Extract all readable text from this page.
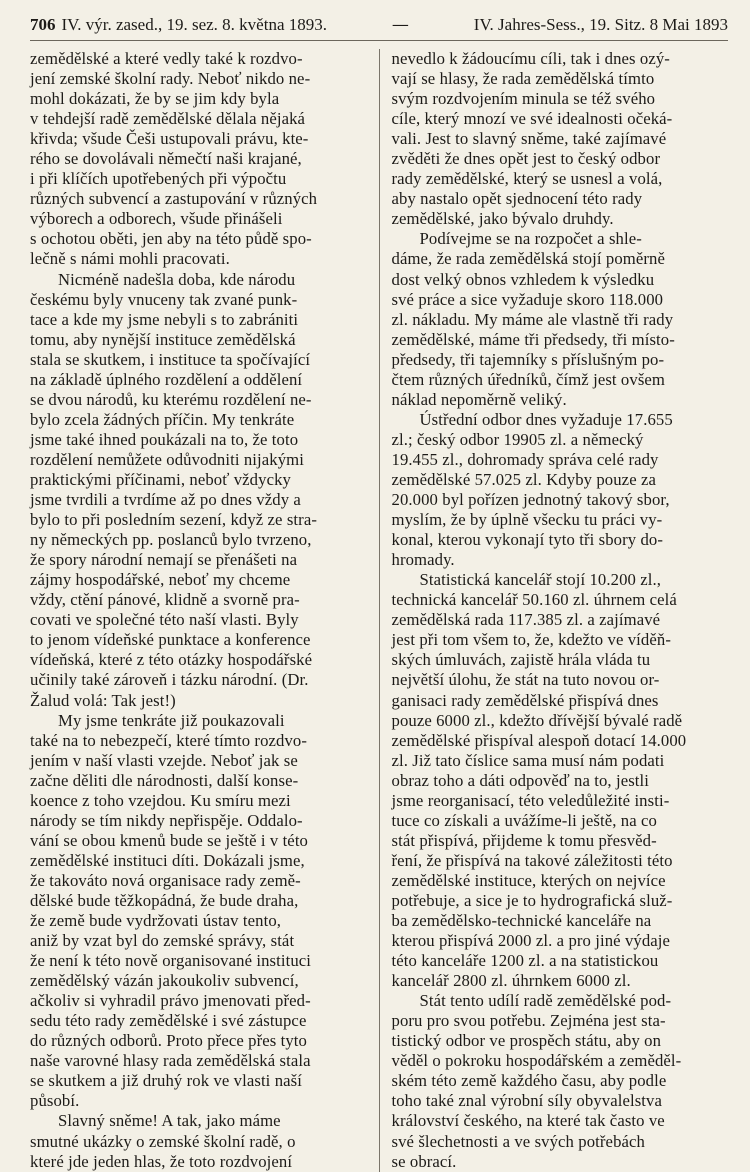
706 IV. výr. zased., 19. sez. 8. května 1893.	—	IV. Jahres-Sess., 19. Sitz. 8 Mai 1893
zemědělské a které vedly také k rozdvo-
jení zemské školní rady. Neboť nikdo ne-
mohl dokázati, že by se jim kdy byla
v tehdejší radě zemědělské dělala nějaká
křivda; všude Češi ustupovali právu, kte-
rého se dovolávali němečtí naši krajané,
i při klíčích upotřebených při výpočtu
různých subvencí a zastupování v různých
výborech a odborech, všude přinášeli
s ochotou oběti, jen aby na této půdě spo-
lečně s námi mohli pracovati.
Nicméně nadešla doba, kde národu
českému byly vnuceny tak zvané punk-
tace a kde my jsme nebyli s to zabrániti
tomu, aby nynější instituce zemědělská
stala se skutkem, i instituce ta spočívající
na základě úplného rozdělení a oddělení
se dvou národů, ku kterému rozdělení ne-
bylo zcela žádných příčin. My tenkráte
jsme také ihned poukázali na to, že toto
rozdělení nemůžete odůvodniti nijakými
praktickými příčinami, neboť vždycky
jsme tvrdili a tvrdíme až po dnes vždy a
bylo to při posledním sezení, když ze stra-
ny německých pp. poslanců bylo tvrzeno,
že spory národní nemají se přenášeti na
zájmy hospodářské, neboť my chceme
vždy, ctění pánové, klidně a svorně pra-
covati ve společné této naší vlasti. Byly
to jenom vídeňské punktace a konference
vídeňská, které z této otázky hospodářské
učinily také zároveň i tázku národní. (Dr.
Žalud volá: Tak jest!)
My jsme tenkráte již poukazovali
také na to nebezpečí, které tímto rozdvo-
jením v naší vlasti vzejde. Neboť jak se
začne děliti dle národnosti, další konse-
koence z toho vzejdou. Ku smíru mezi
národy se tím nikdy nepřispěje. Oddalo-
vání se obou kmenů bude se ještě i v této
zemědělské instituci díti. Dokázali jsme,
že takováto nová organisace rady země-
dělské bude těžkopádná, že bude draha,
že země bude vydržovati ústav tento,
aniž by vzat byl do zemské správy, stát
že není k této nově organisované instituci
zemědělský vázán jakoukoliv subvencí,
ačkoliv si vyhradil právo jmenovati před-
sedu této rady zemědělské i své zástupce
do různých odborů. Proto přece přes tyto
naše varovné hlasy rada zemědělská stala
se skutkem a již druhý rok ve vlasti naší
působí.
Slavný sněme! A tak, jako máme
smutné ukázky o zemské školní radě, o
které jde jeden hlas, že toto rozdvojení
nevedlo k žádoucímu cíli, tak i dnes ozý-
vají se hlasy, že rada zemědělská tímto
svým rozdvojením minula se též svého
cíle, který mnozí ve své idealnosti očeká-
vali. Jest to slavný sněme, také zajímavé
zvěděti že dnes opět jest to český odbor
rady zemědělské, který se usnesl a volá,
aby nastalo opět sjednocení této rady
zemědělské, jako bývalo druhdy.
Podívejme se na rozpočet a shle-
dáme, že rada zemědělská stojí poměrně
dost velký obnos vzhledem k výsledku
své práce a sice vyžaduje skoro 118.000
zl. nákladu. My máme ale vlastně tři rady
zemědělské, máme tři předsedy, tři místo-
předsedy, tři tajemníky s příslušným po-
čtem různých úředníků, čímž jest ovšem
náklad nepoměrně veliký.
Ústřední odbor dnes vyžaduje 17.655
zl.; český odbor 19905 zl. a německý
19.455 zl., dohromady správa celé rady
zemědělské 57.025 zl. Kdyby pouze za
20.000 byl pořízen jednotný takový sbor,
myslím, že by úplně všecku tu práci vy-
konal, kterou vykonají tyto tři sbory do-
hromady.
Statistická kancelář stojí 10.200 zl.,
technická kancelář 50.160 zl. úhrnem celá
zemědělská rada 117.385 zl. a zajímavé
jest při tom všem to, že, kdežto ve víděň-
ských úmluvách, zajistě hrála vláda tu
největší úlohu, že stát na tuto novou or-
ganisaci rady zemědělské přispívá dnes
pouze 6000 zl., kdežto dřívější bývalé radě
zemědělské přispíval alespoň dotací 14.000
zl. Již tato číslice sama musí nám podati
obraz toho a dáti odpověď na to, jestli
jsme reorganisací, této veledůležité insti-
tuce co získali a uvážíme-li ještě, na co
stát přispívá, přijdeme k tomu přesvěd-
ření, že přispívá na takové záležitosti této
zemědělské instituce, kterých on nejvíce
potřebuje, a sice je to hydrografická služ-
ba zemědělsko-technické kanceláře na
kterou přispívá 2000 zl. a pro jiné výdaje
této kanceláře 1200 zl. a na statistickou
kancelář 2800 zl. úhrnkem 6000 zl.
Stát tento udílí radě zemědělské pod-
poru pro svou potřebu. Zejména jest sta-
tistický odbor ve prospěch státu, aby on
věděl o pokroku hospodářském a zeměděl-
ském této země každého času, aby podle
toho také znal výrobní síly obyvalelstva
království českého, na které tak často ve
své šlechetnosti a ve svých potřebách
se obrací.
